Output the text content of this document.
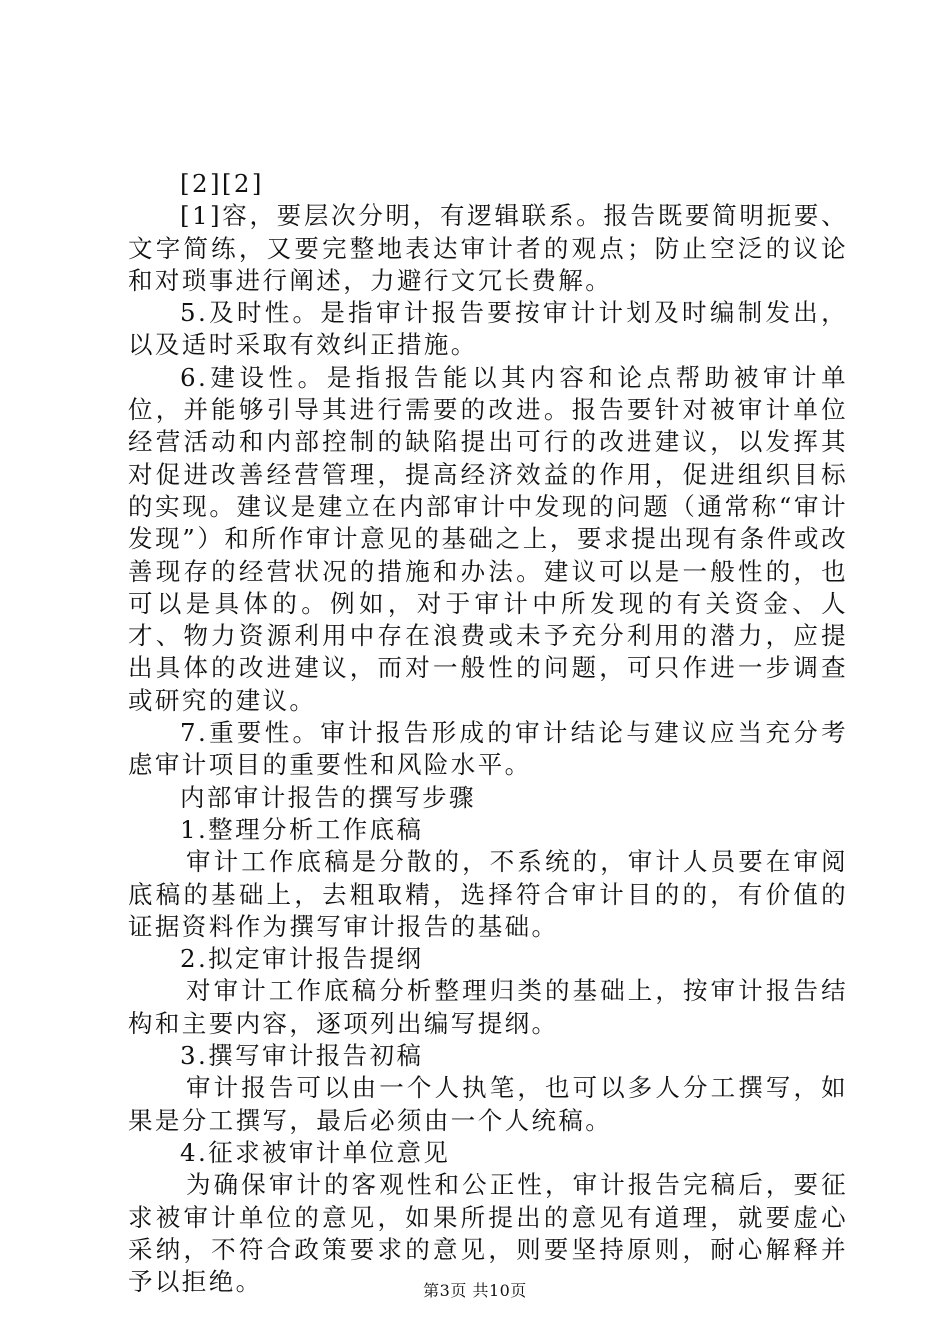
[2][2]

[1]容，要层次分明，有逻辑联系。报告既要简明扼要、文字简练，又要完整地表达审计者的观点；防止空泛的议论和对琐事进行阐述，力避行文冗长费解。

5.及时性。是指审计报告要按审计计划及时编制发出，以及适时采取有效纠正措施。

6.建设性。是指报告能以其内容和论点帮助被审计单位，并能够引导其进行需要的改进。报告要针对被审计单位经营活动和内部控制的缺陷提出可行的改进建议，以发挥其对促进改善经营管理，提高经济效益的作用，促进组织目标的实现。建议是建立在内部审计中发现的问题（通常称“审计发现”）和所作审计意见的基础之上，要求提出现有条件或改善现存的经营状况的措施和办法。建议可以是一般性的，也可以是具体的。例如，对于审计中所发现的有关资金、人才、物力资源利用中存在浪费或未予充分利用的潜力，应提出具体的改进建议，而对一般性的问题，可只作进一步调查或研究的建议。

7.重要性。审计报告形成的审计结论与建议应当充分考虑审计项目的重要性和风险水平。

内部审计报告的撰写步骤

1.整理分析工作底稿

审计工作底稿是分散的，不系统的，审计人员要在审阅底稿的基础上，去粗取精，选择符合审计目的的，有价值的证据资料作为撰写审计报告的基础。

2.拟定审计报告提纲

对审计工作底稿分析整理归类的基础上，按审计报告结构和主要内容，逐项列出编写提纲。

3.撰写审计报告初稿

审计报告可以由一个人执笔，也可以多人分工撰写，如果是分工撰写，最后必须由一个人统稿。

4.征求被审计单位意见

为确保审计的客观性和公正性，审计报告完稿后，要征求被审计单位的意见，如果所提出的意见有道理，就要虚心采纳，不符合政策要求的意见，则要坚持原则，耐心解释并予以拒绝。	第3页 共10页
